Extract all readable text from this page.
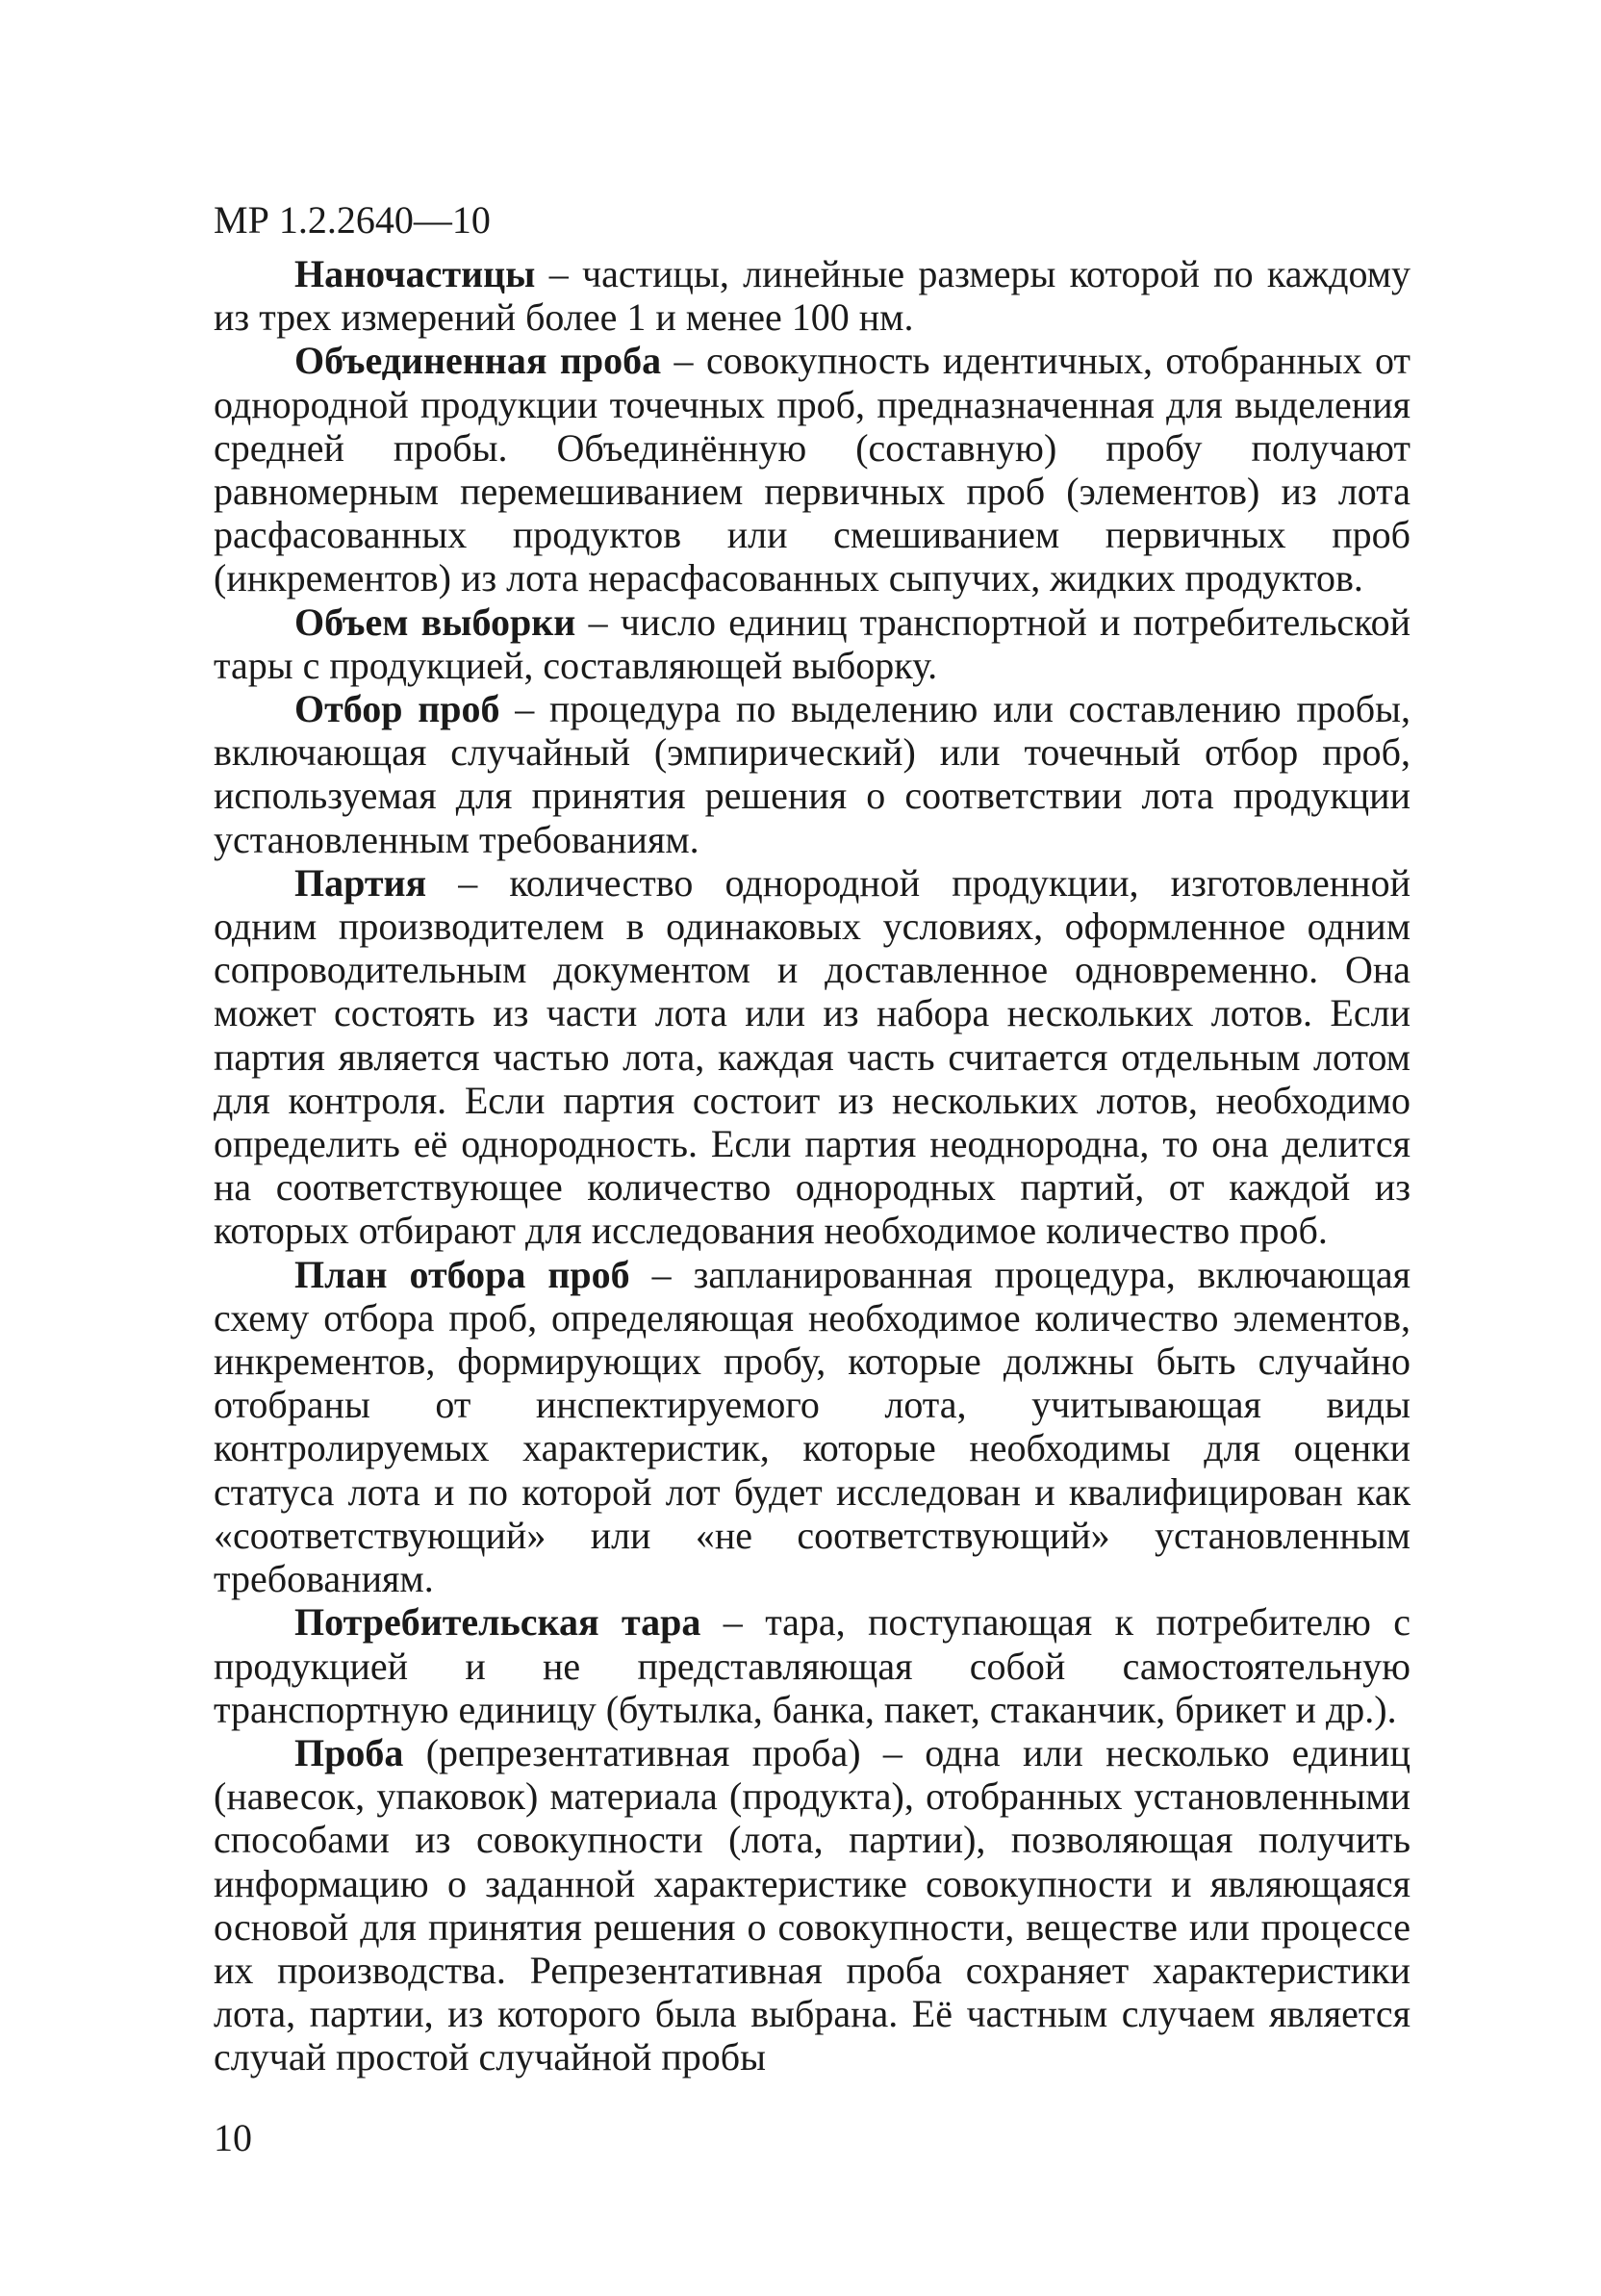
МР 1.2.2640—10

Наночастицы – частицы, линейные размеры которой по каждому из трех измерений более 1 и менее 100 нм.

Объединенная проба – совокупность идентичных, отобранных от однородной продукции точечных проб, предназначенная для выделения средней пробы. Объединённую (составную) пробу получают равномерным перемешиванием первичных проб (элементов) из лота расфасованных продуктов или смешиванием первичных проб (инкрементов) из лота нерасфасованных сыпучих, жидких продуктов.

Объем выборки – число единиц транспортной и потребительской тары с продукцией, составляющей выборку.

Отбор проб – процедура по выделению или составлению пробы, включающая случайный (эмпирический) или точечный отбор проб, используемая для принятия решения о соответствии лота продукции установленным требованиям.

Партия – количество однородной продукции, изготовленной одним производителем в одинаковых условиях, оформленное одним сопроводительным документом и доставленное одновременно. Она может состоять из части лота или из набора нескольких лотов. Если партия является частью лота, каждая часть считается отдельным лотом для контроля. Если партия состоит из нескольких лотов, необходимо определить её однородность. Если партия неоднородна, то она делится на соответствующее количество однородных партий, от каждой из которых отбирают для исследования необходимое количество проб.

План отбора проб – запланированная процедура, включающая схему отбора проб, определяющая необходимое количество элементов, инкрементов, формирующих пробу, которые должны быть случайно отобраны от инспектируемого лота, учитывающая виды контролируемых характеристик, которые необходимы для оценки статуса лота и по которой лот будет исследован и квалифицирован как «соответствующий» или «не соответствующий» установленным требованиям.

Потребительская тара – тара, поступающая к потребителю с продукцией и не представляющая собой самостоятельную транспортную единицу (бутылка, банка, пакет, стаканчик, брикет и др.).

Проба (репрезентативная проба) – одна или несколько единиц (навесок, упаковок) материала (продукта), отобранных установленными способами из совокупности (лота, партии), позволяющая получить информацию о заданной характеристике совокупности и являющаяся основой для принятия решения о совокупности, веществе или процессе их производства. Репрезентативная проба сохраняет характеристики лота, партии, из которого была выбрана. Её частным случаем является случай простой случайной пробы

10
